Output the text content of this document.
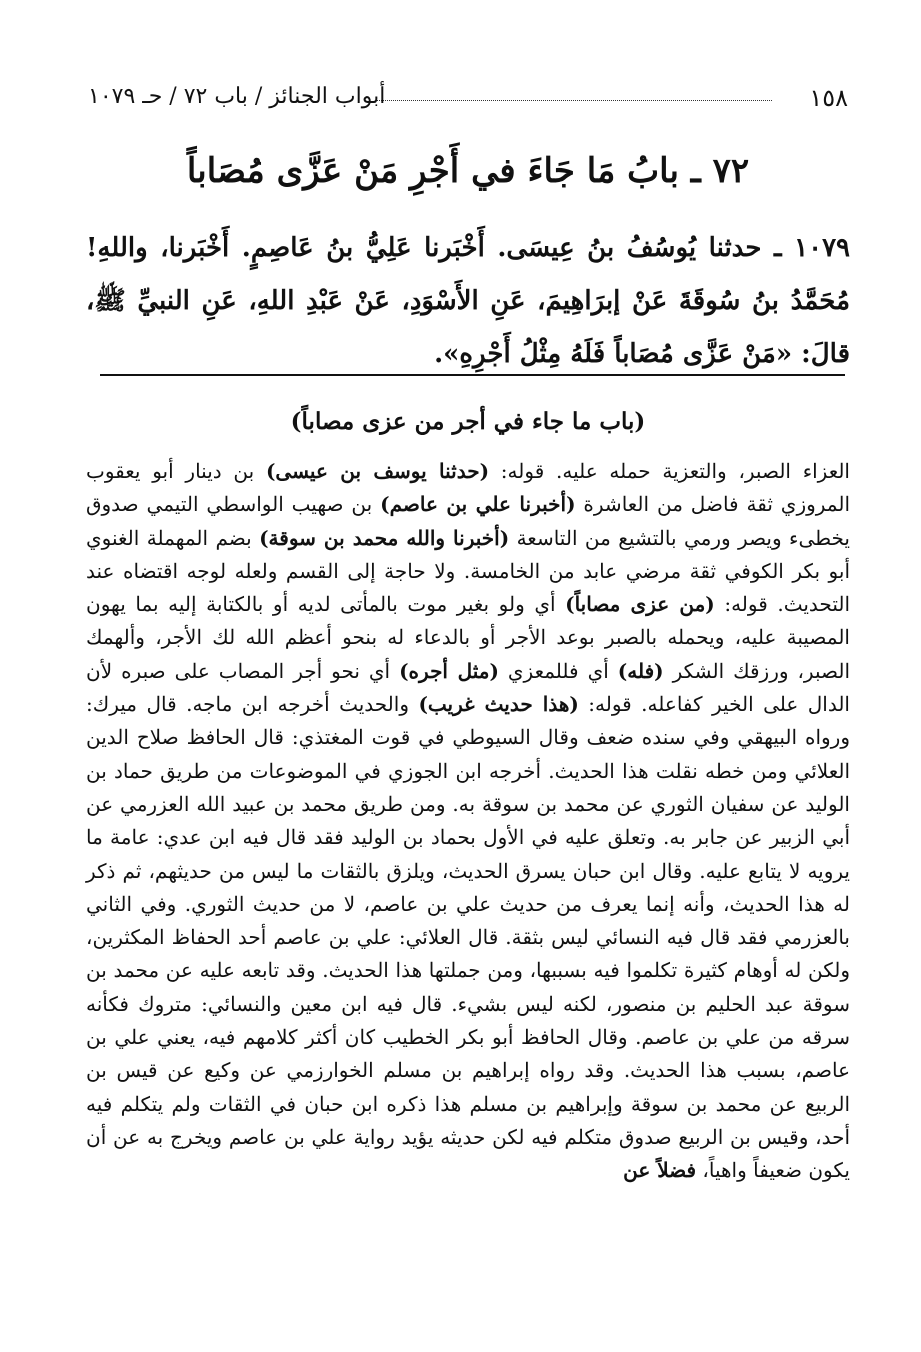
١٥٨
أبواب الجنائز / باب ٧٢ / حـ ١٠٧٩
٧٢ ـ بابُ مَا جَاءَ في أَجْرِ مَنْ عَزَّى مُصَاباً
١٠٧٩ ـ حدثنا يُوسُفُ بنُ عِيسَى. أَخْبَرنا عَلِيُّ بنُ عَاصِمٍ. أَخْبَرنا، واللهِ! مُحَمَّدُ بنُ سُوقَةَ عَنْ إبرَاهِيمَ، عَنِ الأَسْوَدِ، عَنْ عَبْدِ اللهِ، عَنِ النبيِّ ﷺ، قالَ: «مَنْ عَزَّى مُصَاباً فَلَهُ مِثْلُ أَجْرِهِ».
(باب ما جاء في أجر من عزى مصاباً)
العزاء الصبر، والتعزية حمله عليه. قوله: (حدثنا يوسف بن عيسى) بن دينار أبو يعقوب المروزي ثقة فاضل من العاشرة (أخبرنا علي بن عاصم) بن صهيب الواسطي التيمي صدوق يخطىء ويصر ورمي بالتشيع من التاسعة (أخبرنا والله محمد بن سوقة) بضم المهملة الغنوي أبو بكر الكوفي ثقة مرضي عابد من الخامسة. ولا حاجة إلى القسم ولعله لوجه اقتضاه عند التحديث. قوله: (من عزى مصاباً) أي ولو بغير موت بالمأتى لديه أو بالكتابة إليه بما يهون المصيبة عليه، ويحمله بالصبر بوعد الأجر أو بالدعاء له بنحو أعظم الله لك الأجر، وألهمك الصبر، ورزقك الشكر (فله) أي فللمعزي (مثل أجره) أي نحو أجر المصاب على صبره لأن الدال على الخير كفاعله. قوله: (هذا حديث غريب) والحديث أخرجه ابن ماجه. قال ميرك: ورواه البيهقي وفي سنده ضعف وقال السيوطي في قوت المغتذي: قال الحافظ صلاح الدين العلائي ومن خطه نقلت هذا الحديث. أخرجه ابن الجوزي في الموضوعات من طريق حماد بن الوليد عن سفيان الثوري عن محمد بن سوقة به. ومن طريق محمد بن عبيد الله العزرمي عن أبي الزبير عن جابر به. وتعلق عليه في الأول بحماد بن الوليد فقد قال فيه ابن عدي: عامة ما يرويه لا يتابع عليه. وقال ابن حبان يسرق الحديث، ويلزق بالثقات ما ليس من حديثهم، ثم ذكر له هذا الحديث، وأنه إنما يعرف من حديث علي بن عاصم، لا من حديث الثوري. وفي الثاني بالعزرمي فقد قال فيه النسائي ليس بثقة. قال العلائي: علي بن عاصم أحد الحفاظ المكثرين، ولكن له أوهام كثيرة تكلموا فيه بسببها، ومن جملتها هذا الحديث. وقد تابعه عليه عن محمد بن سوقة عبد الحليم بن منصور، لكنه ليس بشيء. قال فيه ابن معين والنسائي: متروك فكأنه سرقه من علي بن عاصم. وقال الحافظ أبو بكر الخطيب كان أكثر كلامهم فيه، يعني علي بن عاصم، بسبب هذا الحديث. وقد رواه إبراهيم بن مسلم الخوارزمي عن وكيع عن قيس بن الربيع عن محمد بن سوقة وإبراهيم بن مسلم هذا ذكره ابن حبان في الثقات ولم يتكلم فيه أحد، وقيس بن الربيع صدوق متكلم فيه لكن حديثه يؤيد رواية علي بن عاصم ويخرج به عن أن يكون ضعيفاً واهياً، فضلاً عن
